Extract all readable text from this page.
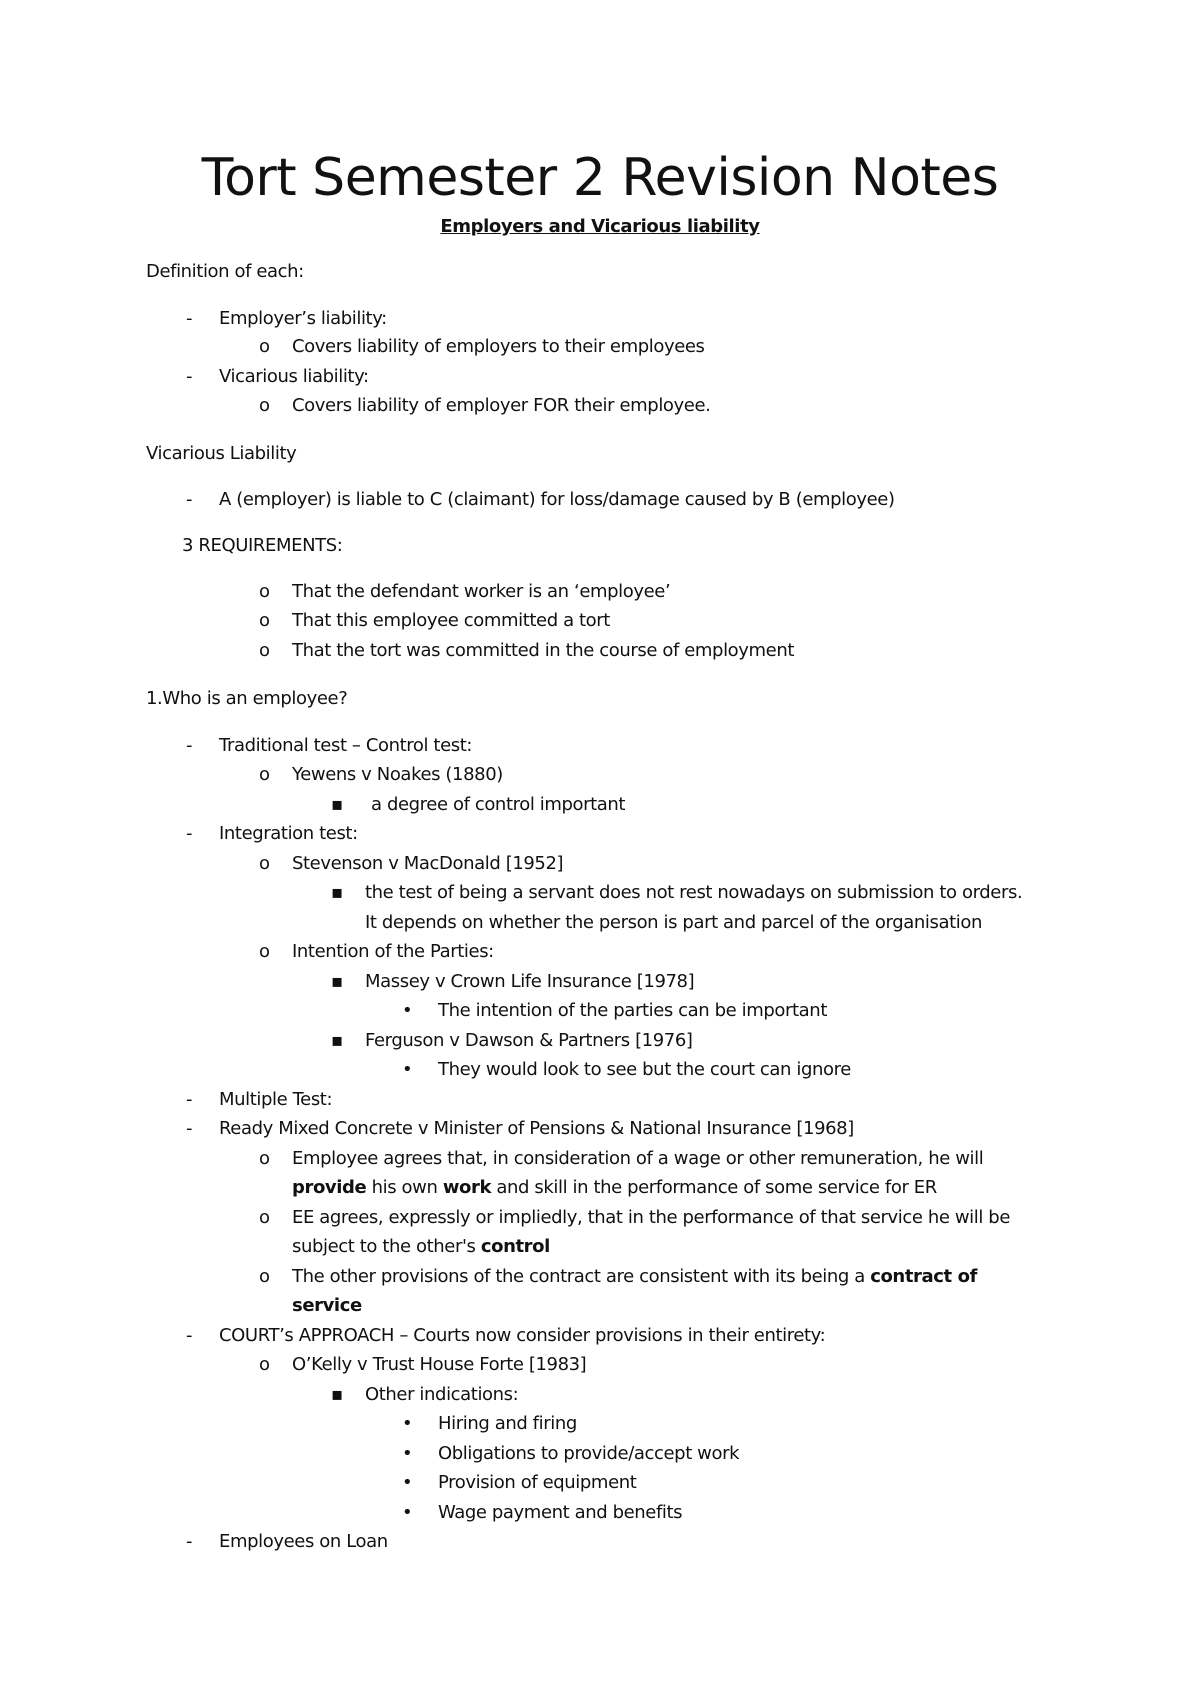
Tort Semester 2 Revision Notes
Employers and Vicarious liability
Definition of each:
- Employer’s liability:
o Covers liability of employers to their employees
- Vicarious liability:
o Covers liability of employer FOR their employee.
Vicarious Liability
- A (employer) is liable to C (claimant) for loss/damage caused by B (employee)
3 REQUIREMENTS:
o That the defendant worker is an ‘employee’
o That this employee committed a tort
o That the tort was committed in the course of employment
1.Who is an employee?
- Traditional test – Control test:
o Yewens v Noakes (1880)
▪ a degree of control important
- Integration test:
o Stevenson v MacDonald [1952]
▪ the test of being a servant does not rest nowadays on submission to orders.
It depends on whether the person is part and parcel of the organisation
o Intention of the Parties:
▪ Massey v Crown Life Insurance [1978]
• The intention of the parties can be important
▪ Ferguson v Dawson & Partners [1976]
• They would look to see but the court can ignore
- Multiple Test:
- Ready Mixed Concrete v Minister of Pensions & National Insurance [1968]
o Employee agrees that, in consideration of a wage or other remuneration, he will
provide his own work and skill in the performance of some service for ER
o EE agrees, expressly or impliedly, that in the performance of that service he will be
subject to the other's control
o The other provisions of the contract are consistent with its being a contract of
service
- COURT’s APPROACH – Courts now consider provisions in their entirety:
o O’Kelly v Trust House Forte [1983]
▪ Other indications:
• Hiring and firing
• Obligations to provide/accept work
• Provision of equipment
• Wage payment and benefits
- Employees on Loan
